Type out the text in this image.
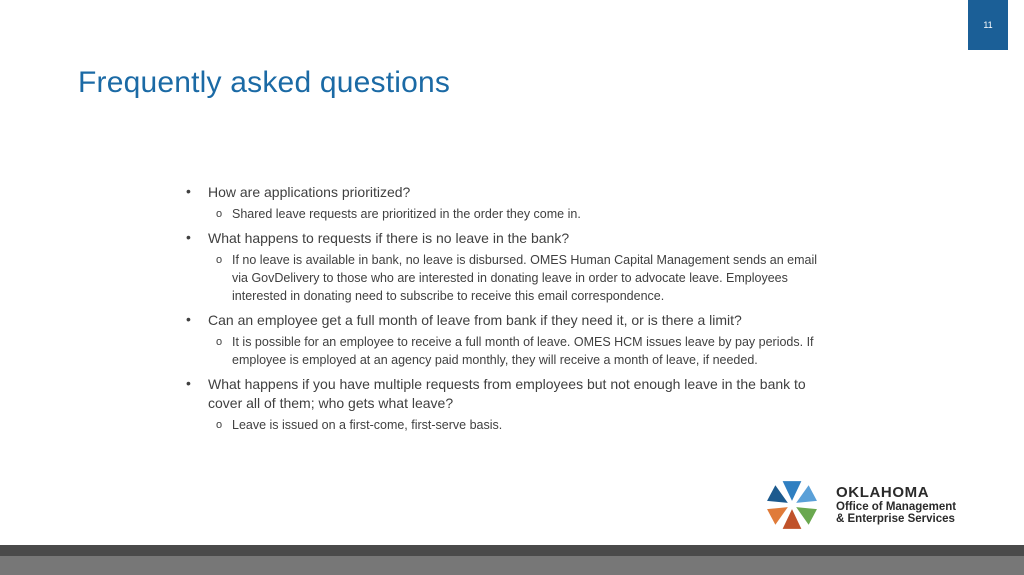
11
Frequently asked questions
• How are applications prioritized?
o Shared leave requests are prioritized in the order they come in.
• What happens to requests if there is no leave in the bank?
o If no leave is available in bank, no leave is disbursed. OMES Human Capital Management sends an email via GovDelivery to those who are interested in donating leave in order to advocate leave. Employees interested in donating need to subscribe to receive this email correspondence.
• Can an employee get a full month of leave from bank if they need it, or is there a limit?
o It is possible for an employee to receive a full month of leave. OMES HCM issues leave by pay periods. If employee is employed at an agency paid monthly, they will receive a month of leave, if needed.
• What happens if you have multiple requests from employees but not enough leave in the bank to cover all of them; who gets what leave?
o Leave is issued on a first-come, first-serve basis.
OKLAHOMA
Office of Management
& Enterprise Services
